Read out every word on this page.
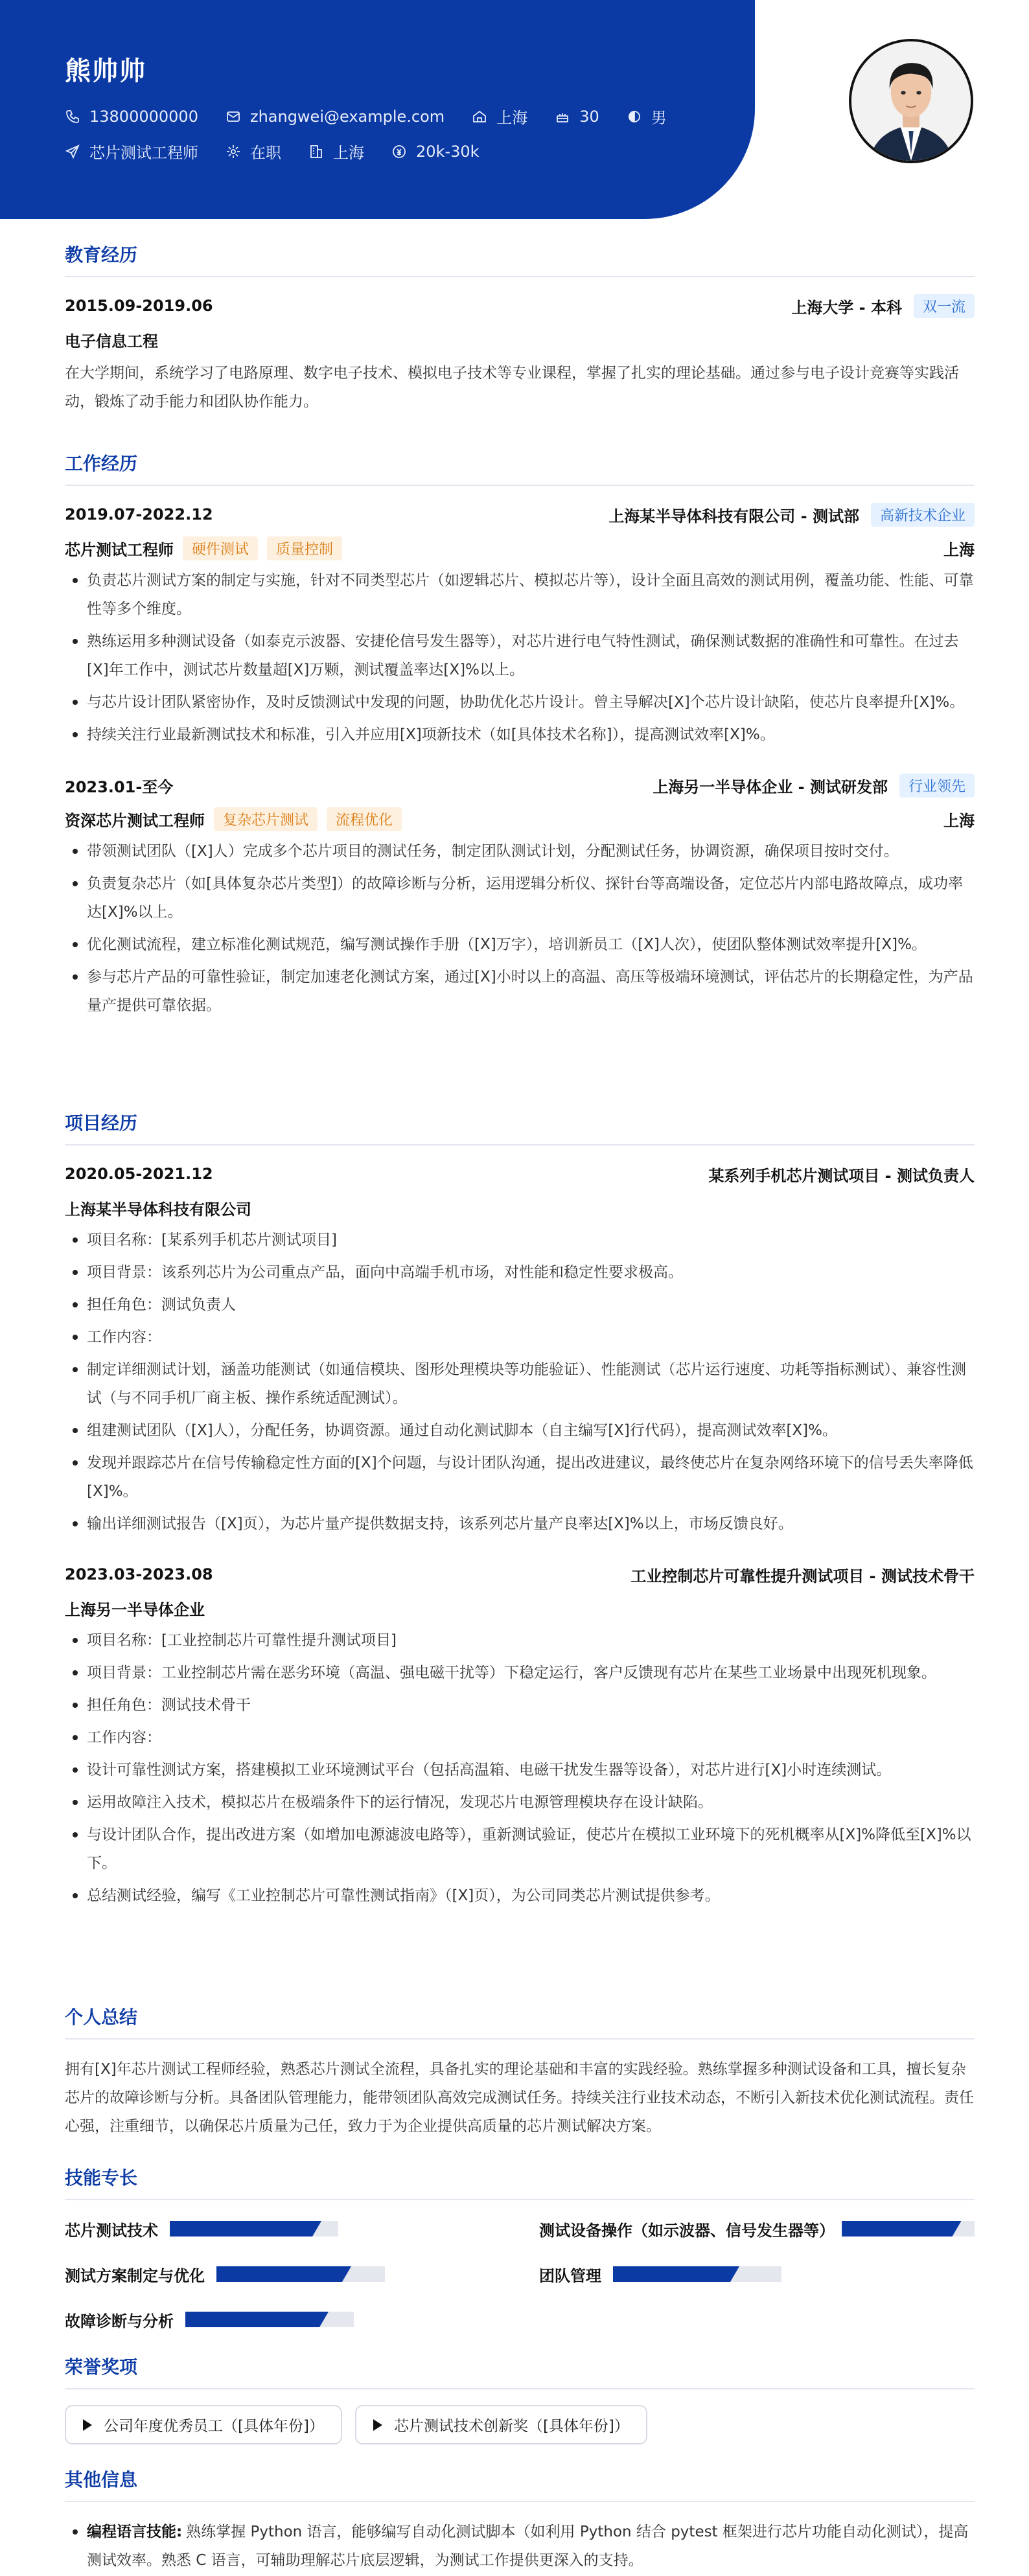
熊帅帅
13800000000	zhangwei@example.com	上海	30	男
芯片测试工程师	在职	上海	20k-30k
教育经历
2015.09-2019.06	上海大学 - 本科	双一流
电子信息工程
在大学期间，系统学习了电路原理、数字电子技术、模拟电子技术等专业课程，掌握了扎实的理论基础。通过参与电子设计竞赛等实践活动，锻炼了动手能力和团队协作能力。
工作经历
2019.07-2022.12	上海某半导体科技有限公司 - 测试部	高新技术企业
芯片测试工程师	硬件测试	质量控制	上海
负责芯片测试方案的制定与实施，针对不同类型芯片（如逻辑芯片、模拟芯片等），设计全面且高效的测试用例，覆盖功能、性能、可靠性等多个维度。
熟练运用多种测试设备（如泰克示波器、安捷伦信号发生器等），对芯片进行电气特性测试，确保测试数据的准确性和可靠性。在过去[X]年工作中，测试芯片数量超[X]万颗，测试覆盖率达[X]%以上。
与芯片设计团队紧密协作，及时反馈测试中发现的问题，协助优化芯片设计。曾主导解决[X]个芯片设计缺陷，使芯片良率提升[X]%。
持续关注行业最新测试技术和标准，引入并应用[X]项新技术（如[具体技术名称]），提高测试效率[X]%。
2023.01-至今	上海另一半导体企业 - 测试研发部	行业领先
资深芯片测试工程师	复杂芯片测试	流程优化	上海
带领测试团队（[X]人）完成多个芯片项目的测试任务，制定团队测试计划，分配测试任务，协调资源，确保项目按时交付。
负责复杂芯片（如[具体复杂芯片类型]）的故障诊断与分析，运用逻辑分析仪、探针台等高端设备，定位芯片内部电路故障点，成功率达[X]%以上。
优化测试流程，建立标准化测试规范，编写测试操作手册（[X]万字），培训新员工（[X]人次），使团队整体测试效率提升[X]%。
参与芯片产品的可靠性验证，制定加速老化测试方案，通过[X]小时以上的高温、高压等极端环境测试，评估芯片的长期稳定性，为产品量产提供可靠依据。
项目经历
2020.05-2021.12	某系列手机芯片测试项目 - 测试负责人
上海某半导体科技有限公司
项目名称：[某系列手机芯片测试项目]
项目背景：该系列芯片为公司重点产品，面向中高端手机市场，对性能和稳定性要求极高。
担任角色：测试负责人
工作内容：
制定详细测试计划，涵盖功能测试（如通信模块、图形处理模块等功能验证）、性能测试（芯片运行速度、功耗等指标测试）、兼容性测试（与不同手机厂商主板、操作系统适配测试）。
组建测试团队（[X]人），分配任务，协调资源。通过自动化测试脚本（自主编写[X]行代码），提高测试效率[X]%。
发现并跟踪芯片在信号传输稳定性方面的[X]个问题，与设计团队沟通，提出改进建议，最终使芯片在复杂网络环境下的信号丢失率降低[X]%。
输出详细测试报告（[X]页），为芯片量产提供数据支持，该系列芯片量产良率达[X]%以上，市场反馈良好。
2023.03-2023.08	工业控制芯片可靠性提升测试项目 - 测试技术骨干
上海另一半导体企业
项目名称：[工业控制芯片可靠性提升测试项目]
项目背景：工业控制芯片需在恶劣环境（高温、强电磁干扰等）下稳定运行，客户反馈现有芯片在某些工业场景中出现死机现象。
担任角色：测试技术骨干
工作内容：
设计可靠性测试方案，搭建模拟工业环境测试平台（包括高温箱、电磁干扰发生器等设备），对芯片进行[X]小时连续测试。
运用故障注入技术，模拟芯片在极端条件下的运行情况，发现芯片电源管理模块存在设计缺陷。
与设计团队合作，提出改进方案（如增加电源滤波电路等），重新测试验证，使芯片在模拟工业环境下的死机概率从[X]%降低至[X]%以下。
总结测试经验，编写《工业控制芯片可靠性测试指南》（[X]页），为公司同类芯片测试提供参考。
个人总结
拥有[X]年芯片测试工程师经验，熟悉芯片测试全流程，具备扎实的理论基础和丰富的实践经验。熟练掌握多种测试设备和工具，擅长复杂芯片的故障诊断与分析。具备团队管理能力，能带领团队高效完成测试任务。持续关注行业技术动态，不断引入新技术优化测试流程。责任心强，注重细节，以确保芯片质量为己任，致力于为企业提供高质量的芯片测试解决方案。
技能专长
芯片测试技术	测试设备操作（如示波器、信号发生器等）
测试方案制定与优化	团队管理
故障诊断与分析
荣誉奖项
公司年度优秀员工（[具体年份]）	芯片测试技术创新奖（[具体年份]）
其他信息
编程语言技能: 熟练掌握 Python 语言，能够编写自动化测试脚本（如利用 Python 结合 pytest 框架进行芯片功能自动化测试），提高测试效率。熟悉 C 语言，可辅助理解芯片底层逻辑，为测试工作提供更深入的支持。
